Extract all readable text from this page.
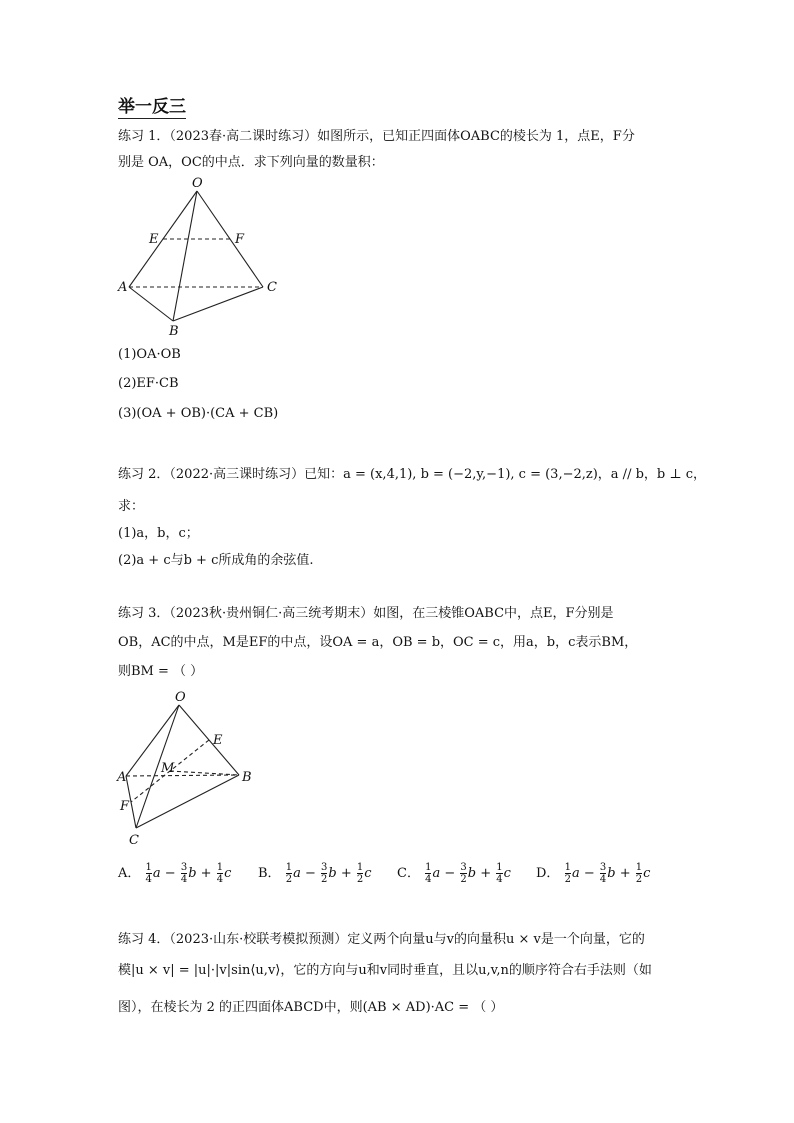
举一反三
练习 1．（2023春·高二课时练习）如图所示，已知正四面体OABC的棱长为 1，点E，F分
别是 OA，OC的中点．求下列向量的数量积：
O
E	F
A	C
B
(1)OA·OB
(2)EF·CB
(3)(OA + OB)·(CA + CB)
练习 2．（2022·高三课时练习）已知：a = (x,4,1), b = (−2,y,−1), c = (3,−2,z)，a // b，b ⊥ c，
求：
(1)a，b，c；
(2)a + c与b + c所成角的余弦值.
练习 3．（2023秋·贵州铜仁·高三统考期末）如图，在三棱锥OABC中，点E，F分别是
OB，AC的中点，M是EF的中点，设OA = a，OB = b，OC = c，用a，b，c表示BM，
则BM = （ ）
O
E
M
A	B
F
C
A． $\frac{1}{4}$ $a - \frac{3}{4}$ $b + \frac{1}{4}$ c B． $\frac{1}{2}$ $a - \frac{3}{2}$ $b + \frac{1}{2}$ c C． $\frac{1}{4}$ $a - \frac{3}{2}$ $b + \frac{1}{4}$ c D． $\frac{1}{2}$ $a - \frac{3}{4}$ $b + \frac{1}{2}$ c
练习 4．（2023·山东·校联考模拟预测）定义两个向量u与v的向量积u × v是一个向量，它的
模|u × v| = |u|·|v|sin⟨u,v⟩，它的方向与u和v同时垂直，且以u,v,n的顺序符合右手法则（如
图），在棱长为 2 的正四面体ABCD中，则(AB × AD)·AC = （ ）
